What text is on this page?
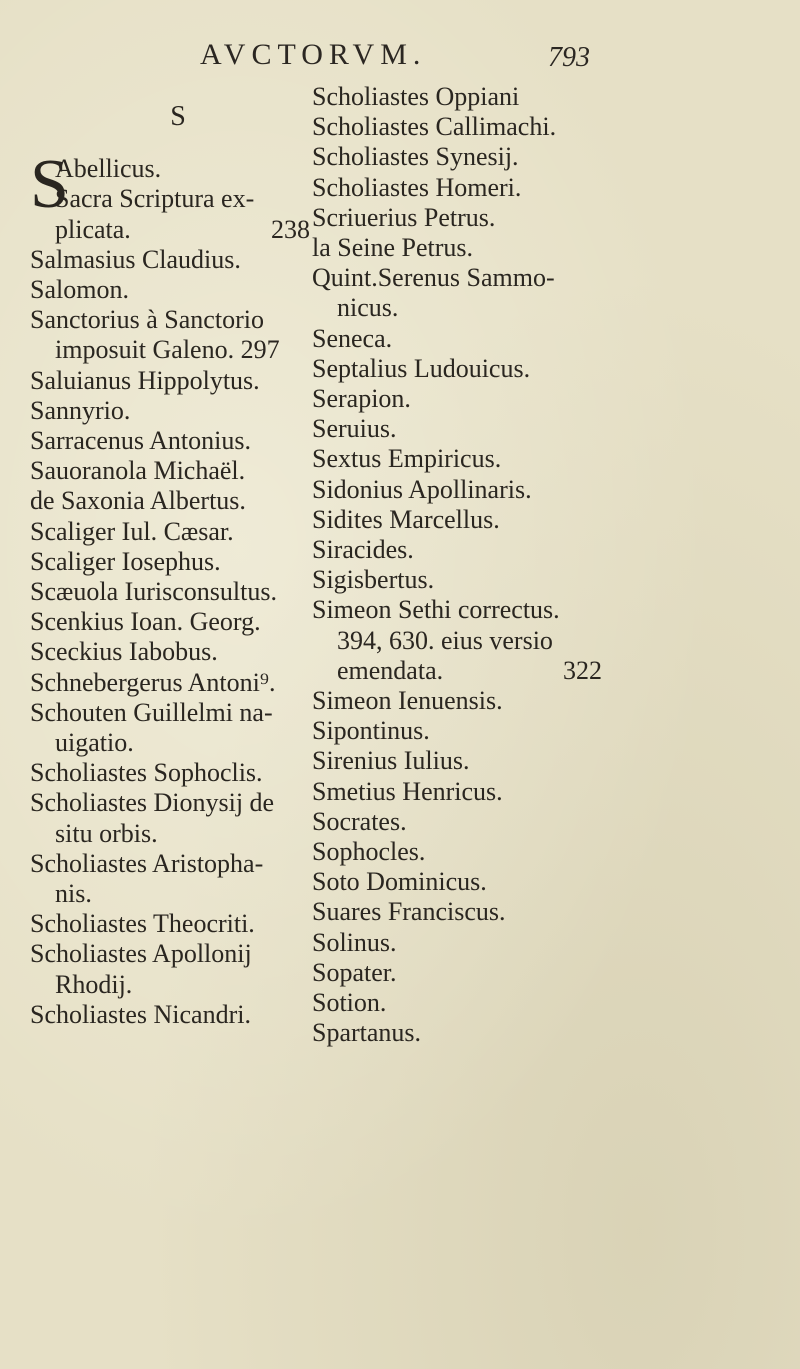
AVCTORVM.	793
S
S
Abellicus.
Sacra Scriptura ex-
plicata.	238
Salmasius Claudius.
Salomon.
Sanctorius à Sanctorio
imposuit Galeno. 297
Saluianus Hippolytus.
Sannyrio.
Sarracenus Antonius.
Sauoranola Michaël.
de Saxonia Albertus.
Scaliger Iul. Cæsar.
Scaliger Iosephus.
Scæuola Iurisconsultus.
Scenkius Ioan. Georg.
Sceckius Iabobus.
Schnebergerus Antoni⁹.
Schouten Guillelmi na-
uigatio.
Scholiastes Sophoclis.
Scholiastes Dionysij de
situ orbis.
Scholiastes Aristopha-
nis.
Scholiastes Theocriti.
Scholiastes Apollonij
Rhodij.
Scholiastes Nicandri.
Scholiastes Oppiani
Scholiastes Callimachi.
Scholiastes Synesij.
Scholiastes Homeri.
Scriuerius Petrus.
la Seine Petrus.
Quint.Serenus Sammo-
nicus.
Seneca.
Septalius Ludouicus.
Serapion.
Seruius.
Sextus Empiricus.
Sidonius Apollinaris.
Sidites Marcellus.
Siracides.
Sigisbertus.
Simeon Sethi correctus.
394, 630. eius versio
emendata.	322
Simeon Ienuensis.
Sipontinus.
Sirenius Iulius.
Smetius Henricus.
Socrates.
Sophocles.
Soto Dominicus.
Suares Franciscus.
Solinus.
Sopater.
Sotion.
Spartanus.
